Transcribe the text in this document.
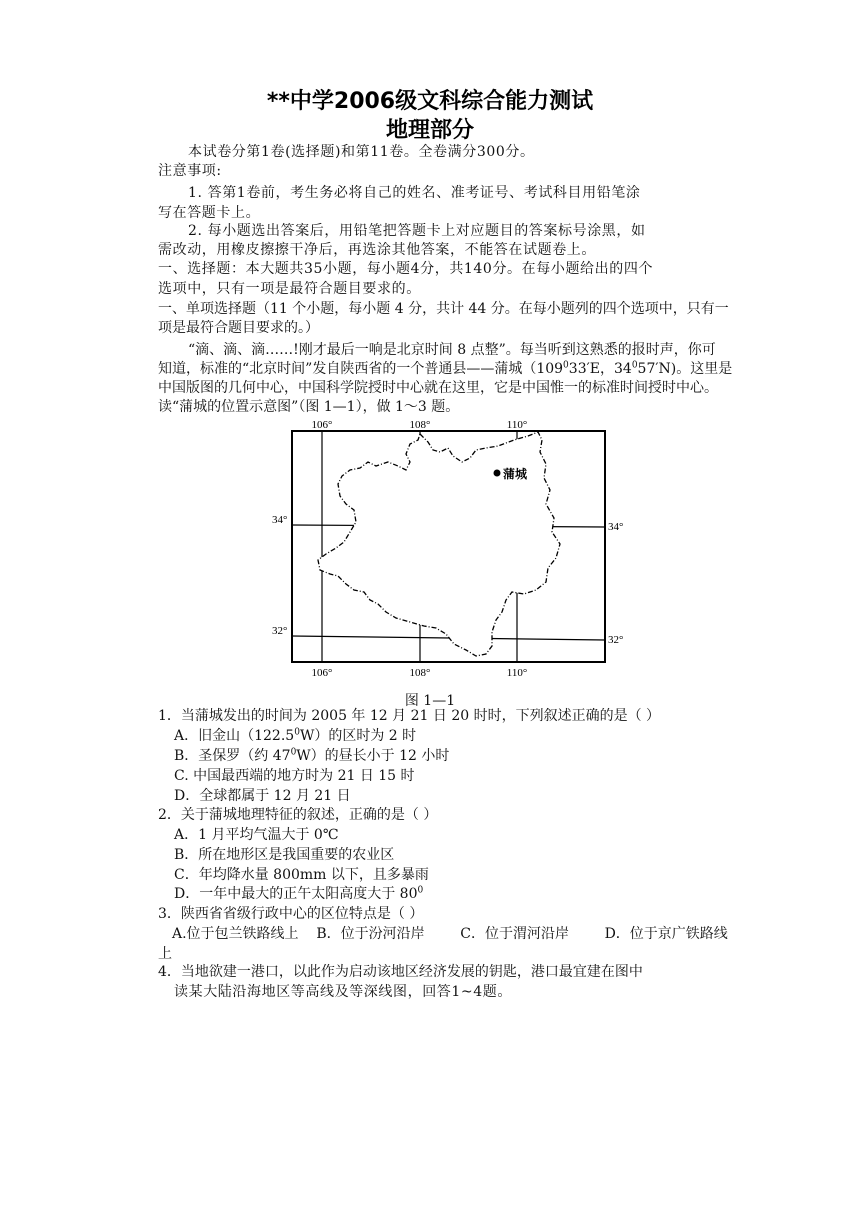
**中学2006级文科综合能力测试
地理部分
本试卷分第1卷(选择题)和第11卷。全卷满分300分。
注意事项:
1. 答第1卷前，考生务必将自己的姓名、准考证号、考试科目用铅笔涂
写在答题卡上。
2. 每小题选出答案后，用铅笔把答题卡上对应题目的答案标号涂黑，如
需改动，用橡皮擦擦干净后，再选涂其他答案，不能答在试题卷上。
一、选择题：本大题共35小题，每小题4分，共140分。在每小题给出的四个
选项中，只有一项是最符合题目要求的。
一、单项选择题（11 个小题，每小题 4 分，共计 44 分。在每小题列的四个选项中，只有一
项是最符合题目要求的。）
“滴、滴、滴……!刚才最后一响是北京时间 8 点整”。每当听到这熟悉的报时声，你可
知道，标准的“北京时间”发自陕西省的一个普通县——蒲城（$109^033'E$，$34^057'N$)。这里是
中国版图的几何中心，中国科学院授时中心就在这里，它是中国惟一的标准时间授时中心。
读“蒲城的位置示意图”（图 1—1），做 1～3 题。
蒲城
106°	108°	110°
106°	108°	110°
34°
34°
32°
32°
图 1—1
1．当蒲城发出的时间为 2005 年 12 月 21 日 20 时时，下列叙述正确的是（ ）
A．旧金山（122.5$^0$W）的区时为 2 时
B．圣保罗（约 $47^0W$）的昼长小于 12 小时
C. 中国最西端的地方时为 21 日 15 时
D．全球都属于 12 月 21 日
2．关于蒲城地理特征的叙述，正确的是（ ）
A．1 月平均气温大于 0℃
B．所在地形区是我国重要的农业区
C．年均降水量 800mm 以下，且多暴雨
D．一年中最大的正午太阳高度大于 $80^0$
3．陕西省省级行政中心的区位特点是（ ）
A.位于包兰铁路线上    B．位于汾河沿岸        C．位于渭河沿岸        D．位于京广铁路线
上
4．当地欲建一港口，以此作为启动该地区经济发展的钥匙，港口最宜建在图中
读某大陆沿海地区等高线及等深线图，回答1~4题。
